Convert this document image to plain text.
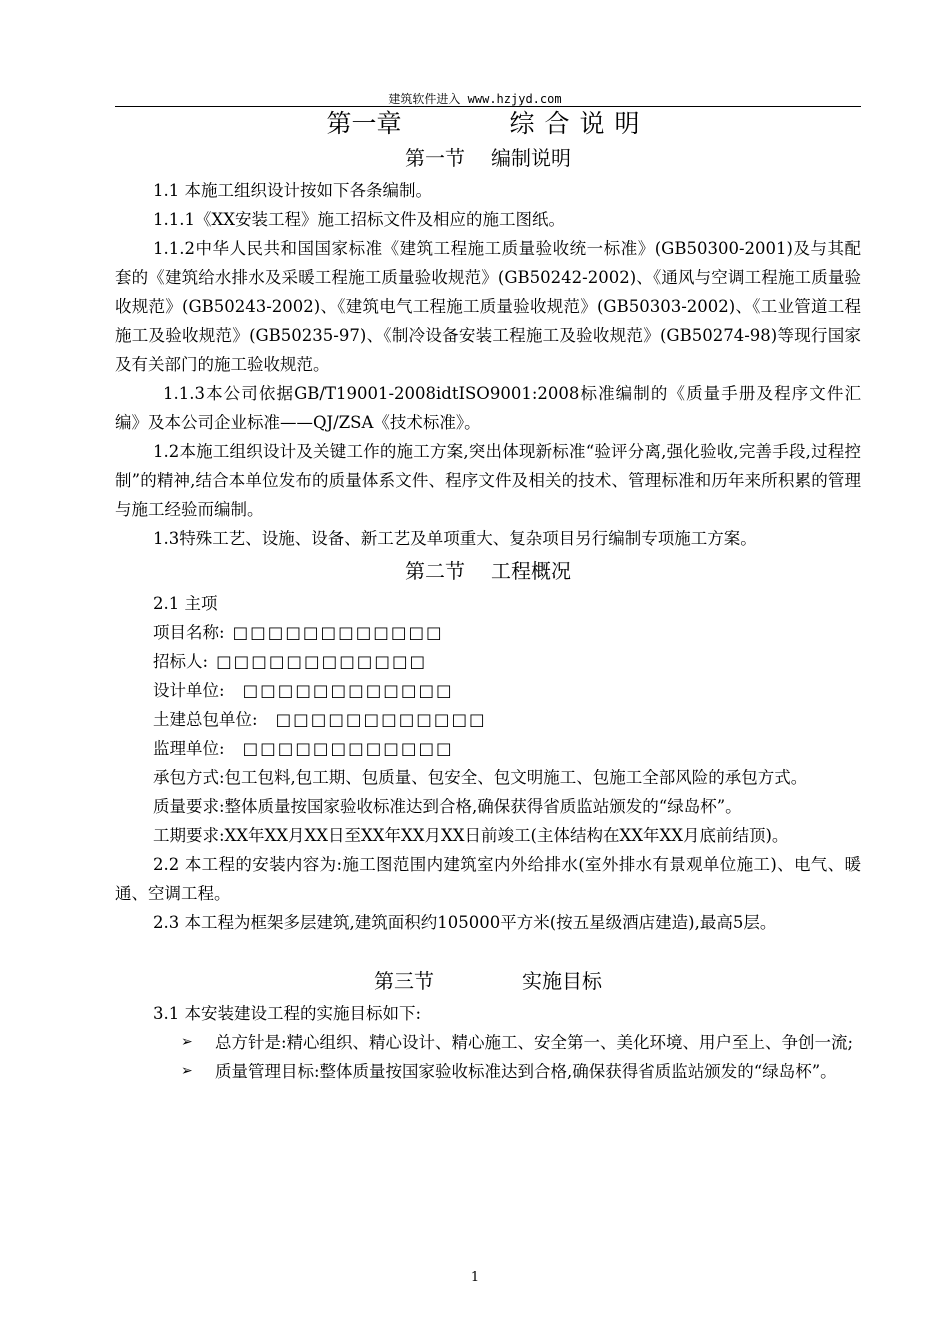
建筑软件进入 www.hzjyd.com
第一章	综合说明
第一节 编制说明

1.1 本施工组织设计按如下各条编制。

1.1.1《XX安装工程》施工招标文件及相应的施工图纸。

1.1.2中华人民共和国国家标准《建筑工程施工质量验收统一标准》(GB50300-2001)及与其配套的《建筑给水排水及采暖工程施工质量验收规范》(GB50242-2002)、《通风与空调工程施工质量验收规范》(GB50243-2002)、《建筑电气工程施工质量验收规范》(GB50303-2002)、《工业管道工程施工及验收规范》(GB50235-97)、《制冷设备安装工程施工及验收规范》(GB50274-98)等现行国家及有关部门的施工验收规范。

1.1.3本公司依据GB/T19001-2008idtISO9001:2008标准编制的《质量手册及程序文件汇编》及本公司企业标准——QJ/ZSA《技术标准》。

1.2本施工组织设计及关键工作的施工方案,突出体现新标准“验评分离,强化验收,完善手段,过程控制”的精神,结合本单位发布的质量体系文件、程序文件及相关的技术、管理标准和历年来所积累的管理与施工经验而编制。

1.3特殊工艺、设施、设备、新工艺及单项重大、复杂项目另行编制专项施工方案。

第二节 工程概况

2.1 主项

项目名称: □□□□□□□□□□□□

招标人: □□□□□□□□□□□□

设计单位: □□□□□□□□□□□□

土建总包单位: □□□□□□□□□□□□

监理单位: □□□□□□□□□□□□

承包方式:包工包料,包工期、包质量、包安全、包文明施工、包施工全部风险的承包方式。

质量要求:整体质量按国家验收标准达到合格,确保获得省质监站颁发的“绿岛杯”。

工期要求:XX年XX月XX日至XX年XX月XX日前竣工(主体结构在XX年XX月底前结顶)。

2.2 本工程的安装内容为:施工图范围内建筑室内外给排水(室外排水有景观单位施工)、电气、暖通、空调工程。

2.3 本工程为框架多层建筑,建筑面积约105000平方米(按五星级酒店建造),最高5层。

第三节	实施目标

3.1 本安装建设工程的实施目标如下:

➢ 总方针是:精心组织、精心设计、精心施工、安全第一、美化环境、用户至上、争创一流;

➢ 质量管理目标:整体质量按国家验收标准达到合格,确保获得省质监站颁发的“绿岛杯”。

1
